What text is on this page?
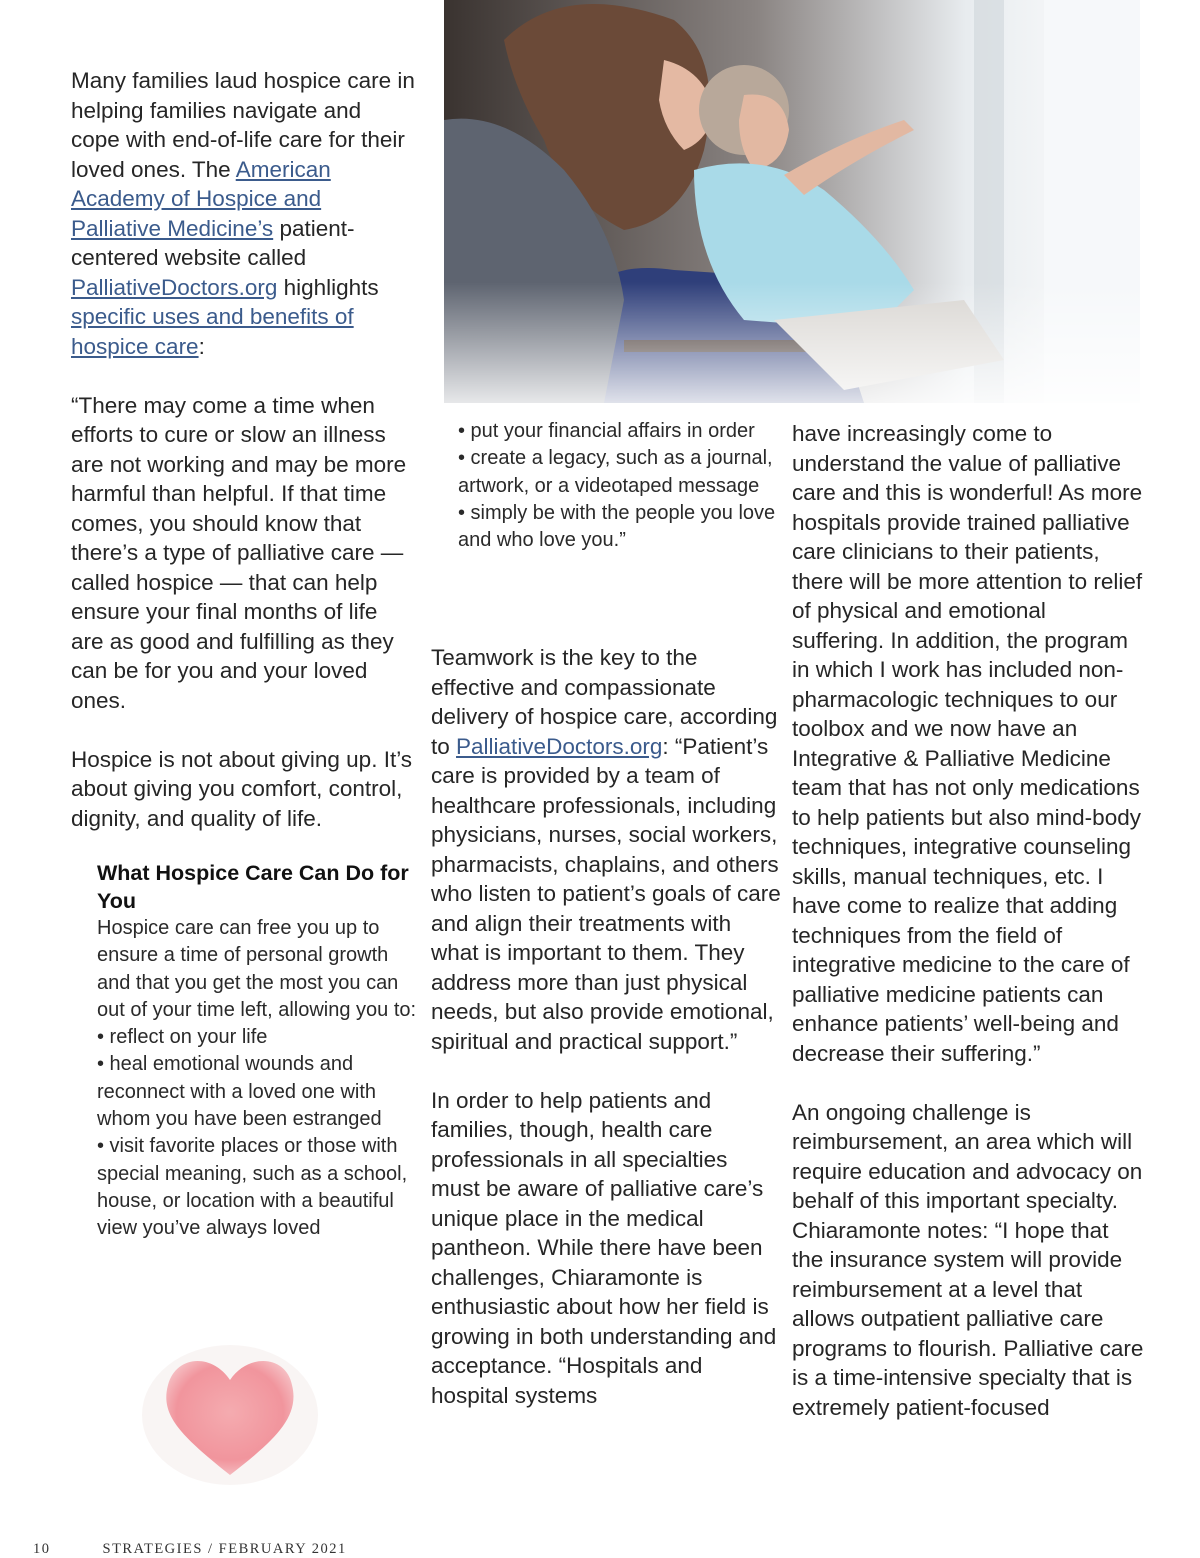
Many families laud hospice care in helping families navigate and cope with end-of-life care for their loved ones. The American Academy of Hospice and Palliative Medicine’s patient-centered website called PalliativeDoctors.org highlights specific uses and benefits of hospice care:

“There may come a time when efforts to cure or slow an illness are not working and may be more harmful than helpful. If that time comes, you should know that there’s a type of palliative care — called hospice — that can help ensure your final months of life are as good and fulfilling as they can be for you and your loved ones.

Hospice is not about giving up. It’s about giving you comfort, control, dignity, and quality of life.

What Hospice Care Can Do for You

Hospice care can free you up to ensure a time of personal growth and that you get the most you can out of your time left, allowing you to:

• reflect on your life

• heal emotional wounds and reconnect with a loved one with whom you have been estranged

• visit favorite places or those with special meaning, such as a school, house, or location with a beautiful view you’ve always loved

• put your financial affairs in order

• create a legacy, such as a journal, artwork, or a videotaped message

• simply be with the people you love and who love you.”

Teamwork is the key to the effective and compassionate delivery of hospice care, according to PalliativeDoctors.org: “Patient’s care is provided by a team of healthcare professionals, including physicians, nurses, social workers, pharmacists, chaplains, and others who listen to patient’s goals of care and align their treatments with what is important to them. They address more than just physical needs, but also provide emotional, spiritual and practical support.”

In order to help patients and families, though, health care professionals in all specialties must be aware of palliative care’s unique place in the medical pantheon. While there have been challenges, Chiaramonte is enthusiastic about how her field is growing in both understanding and acceptance. “Hospitals and hospital systems

have increasingly come to understand the value of palliative care and this is wonderful! As more hospitals provide trained palliative care clinicians to their patients, there will be more attention to relief of physical and emotional suffering. In addition, the program in which I work has included non-pharmacologic techniques to our toolbox and we now have an Integrative & Palliative Medicine team that has not only medications to help patients but also mind-body techniques, integrative counseling skills, manual techniques, etc. I have come to realize that adding techniques from the field of integrative medicine to the care of palliative medicine patients can enhance patients’ well-being and decrease their suffering.”

An ongoing challenge is reimbursement, an area which will require education and advocacy on behalf of this important specialty. Chiaramonte notes: “I hope that the insurance system will provide reimbursement at a level that allows outpatient palliative care programs to flourish. Palliative care is a time-intensive specialty that is extremely patient-focused

10	STRATEGIES / FEBRUARY 2021
